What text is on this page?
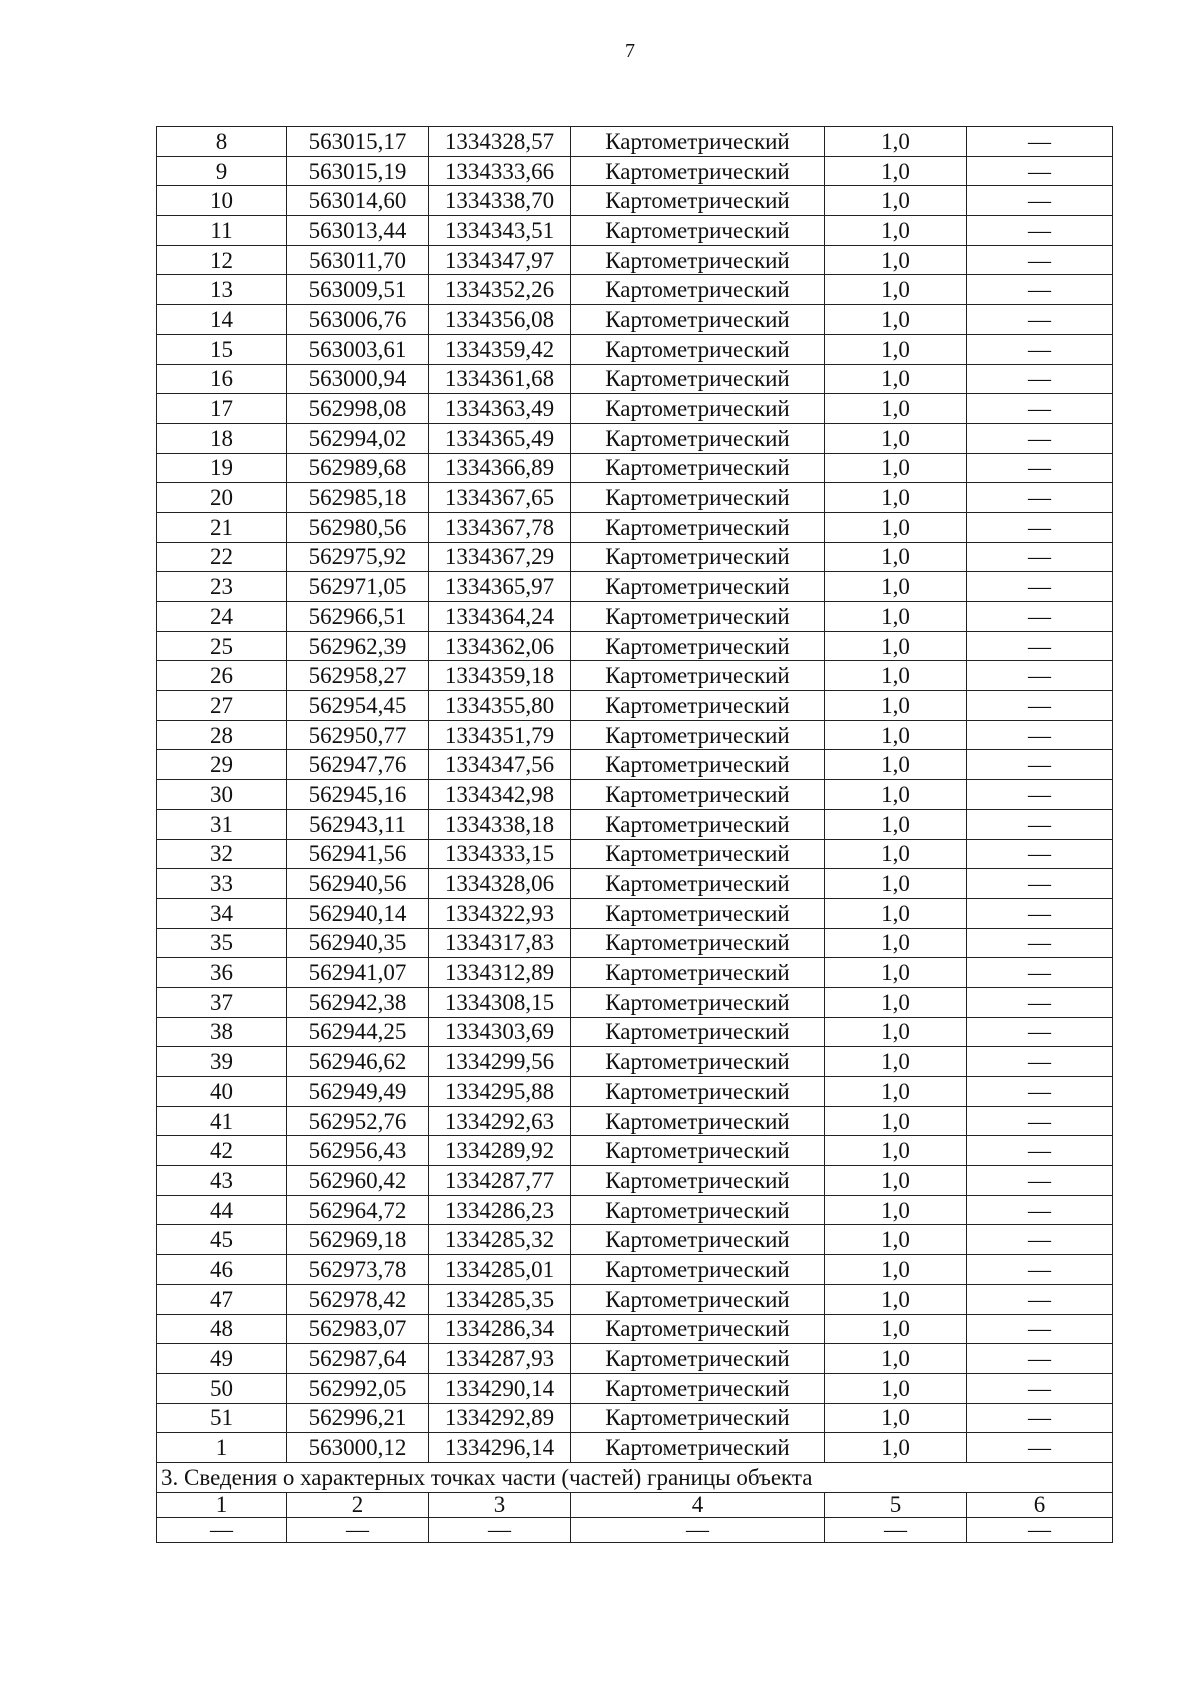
7
8	563015,17	1334328,57	Картометрический	1,0	—
9	563015,19	1334333,66	Картометрический	1,0	—
10	563014,60	1334338,70	Картометрический	1,0	—
11	563013,44	1334343,51	Картометрический	1,0	—
12	563011,70	1334347,97	Картометрический	1,0	—
13	563009,51	1334352,26	Картометрический	1,0	—
14	563006,76	1334356,08	Картометрический	1,0	—
15	563003,61	1334359,42	Картометрический	1,0	—
16	563000,94	1334361,68	Картометрический	1,0	—
17	562998,08	1334363,49	Картометрический	1,0	—
18	562994,02	1334365,49	Картометрический	1,0	—
19	562989,68	1334366,89	Картометрический	1,0	—
20	562985,18	1334367,65	Картометрический	1,0	—
21	562980,56	1334367,78	Картометрический	1,0	—
22	562975,92	1334367,29	Картометрический	1,0	—
23	562971,05	1334365,97	Картометрический	1,0	—
24	562966,51	1334364,24	Картометрический	1,0	—
25	562962,39	1334362,06	Картометрический	1,0	—
26	562958,27	1334359,18	Картометрический	1,0	—
27	562954,45	1334355,80	Картометрический	1,0	—
28	562950,77	1334351,79	Картометрический	1,0	—
29	562947,76	1334347,56	Картометрический	1,0	—
30	562945,16	1334342,98	Картометрический	1,0	—
31	562943,11	1334338,18	Картометрический	1,0	—
32	562941,56	1334333,15	Картометрический	1,0	—
33	562940,56	1334328,06	Картометрический	1,0	—
34	562940,14	1334322,93	Картометрический	1,0	—
35	562940,35	1334317,83	Картометрический	1,0	—
36	562941,07	1334312,89	Картометрический	1,0	—
37	562942,38	1334308,15	Картометрический	1,0	—
38	562944,25	1334303,69	Картометрический	1,0	—
39	562946,62	1334299,56	Картометрический	1,0	—
40	562949,49	1334295,88	Картометрический	1,0	—
41	562952,76	1334292,63	Картометрический	1,0	—
42	562956,43	1334289,92	Картометрический	1,0	—
43	562960,42	1334287,77	Картометрический	1,0	—
44	562964,72	1334286,23	Картометрический	1,0	—
45	562969,18	1334285,32	Картометрический	1,0	—
46	562973,78	1334285,01	Картометрический	1,0	—
47	562978,42	1334285,35	Картометрический	1,0	—
48	562983,07	1334286,34	Картометрический	1,0	—
49	562987,64	1334287,93	Картометрический	1,0	—
50	562992,05	1334290,14	Картометрический	1,0	—
51	562996,21	1334292,89	Картометрический	1,0	—
1	563000,12	1334296,14	Картометрический	1,0	—
3. Сведения о характерных точках части (частей) границы объекта					
1	2	3	4	5	6
—	—	—	—	—	—
